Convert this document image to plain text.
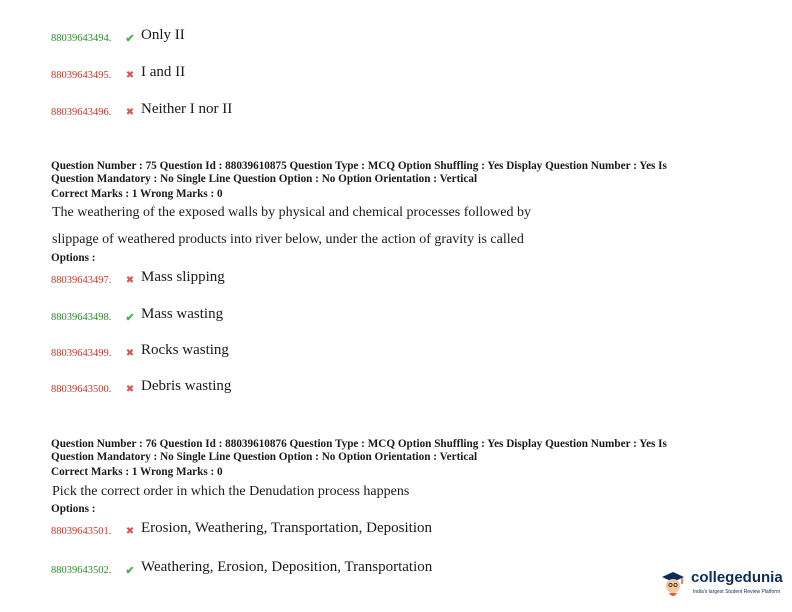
88039643494.	✔ Only II
88039643495.	✖ I and II
88039643496.	✖ Neither I nor II
Question Number : 75 Question Id : 88039610875 Question Type : MCQ Option Shuffling : Yes Display Question Number : Yes Is
Question Mandatory : No Single Line Question Option : No Option Orientation : Vertical
Correct Marks : 1 Wrong Marks : 0
The weathering of the exposed walls by physical and chemical processes followed by
slippage of weathered products into river below, under the action of gravity is called
Options :
88039643497.	✖ Mass slipping
88039643498.	✔ Mass wasting
88039643499.	✖ Rocks wasting
88039643500.	✖ Debris wasting
Question Number : 76 Question Id : 88039610876 Question Type : MCQ Option Shuffling : Yes Display Question Number : Yes Is
Question Mandatory : No Single Line Question Option : No Option Orientation : Vertical
Correct Marks : 1 Wrong Marks : 0
Pick the correct order in which the Denudation process happens
Options :
88039643501.	✖ Erosion, Weathering, Transportation, Deposition
88039643502.	✔ Weathering, Erosion, Deposition, Transportation
collegedunia
India's largest Student Review Platform
